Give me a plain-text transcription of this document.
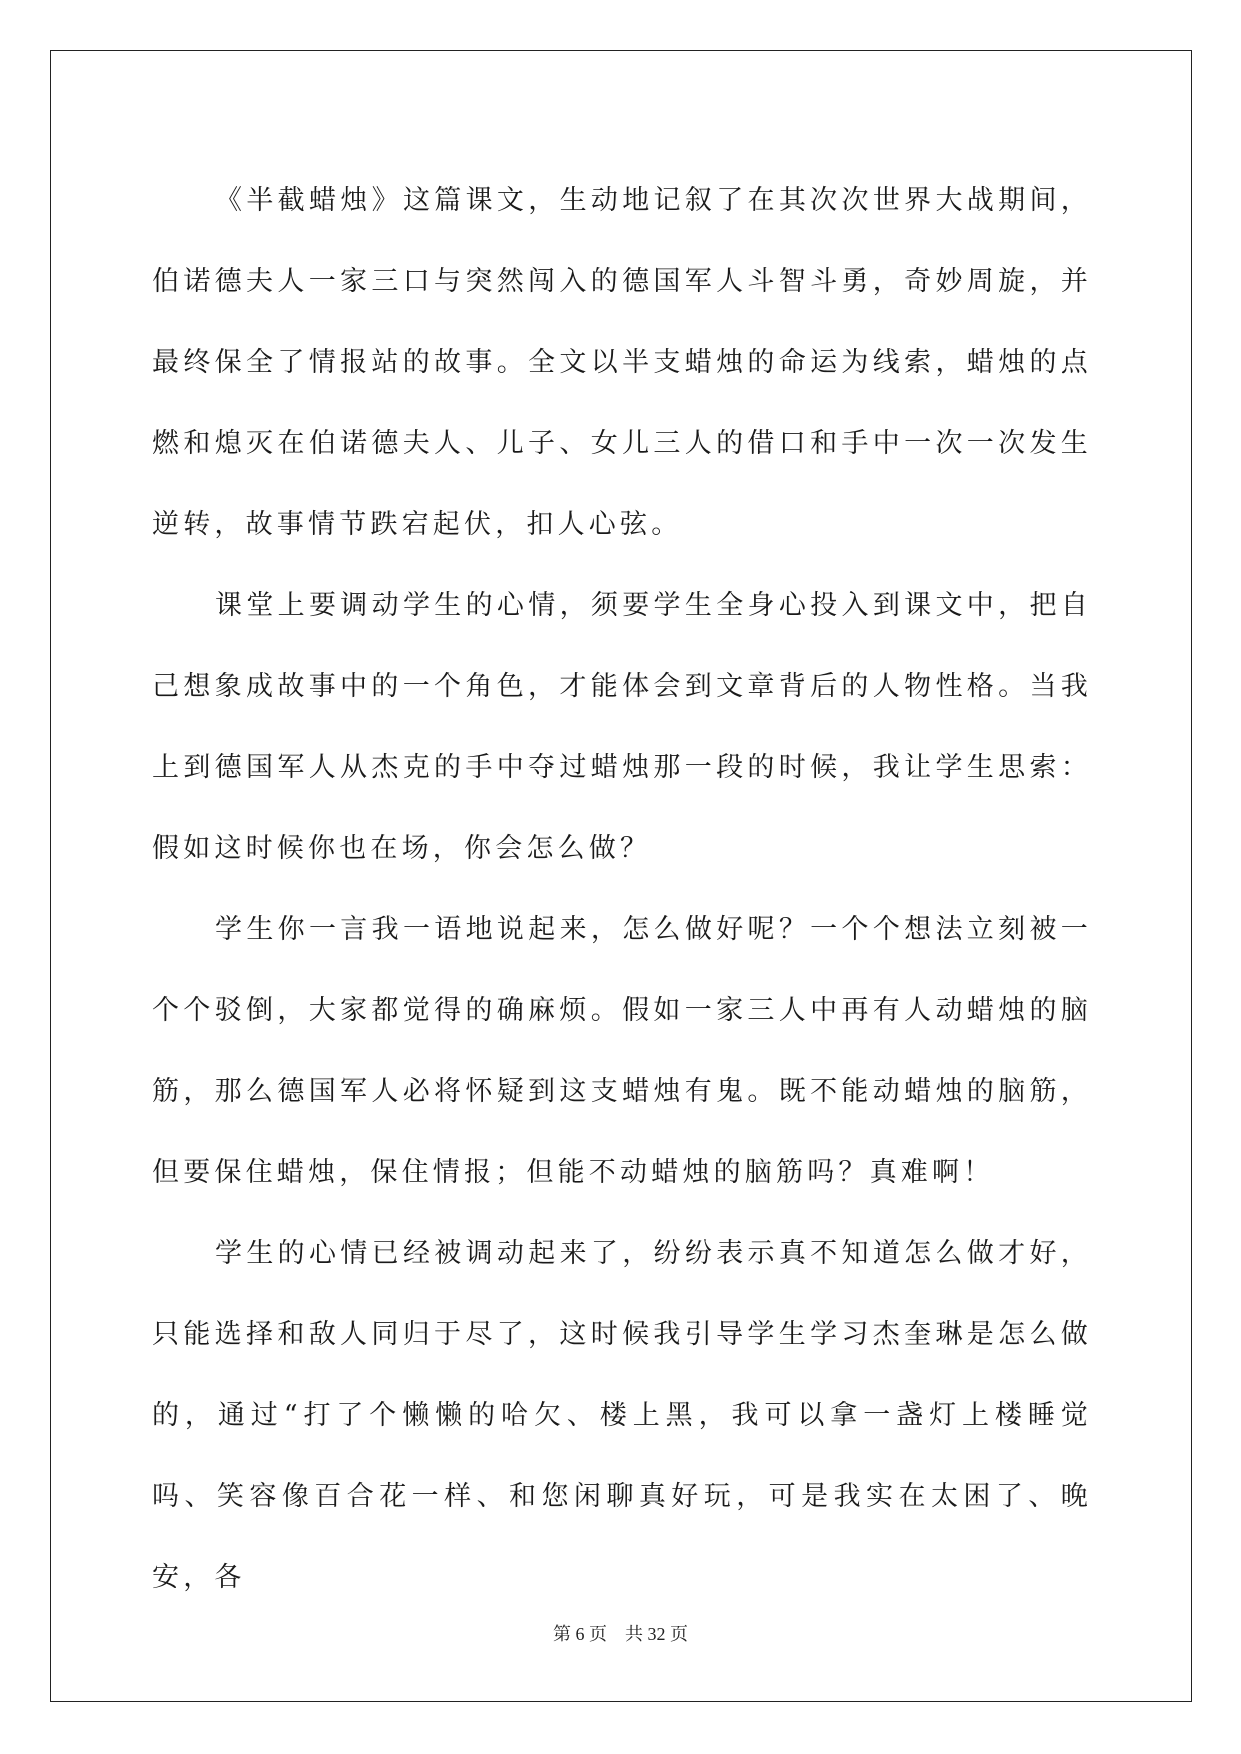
《半截蜡烛》这篇课文，生动地记叙了在其次次世界大战期间，伯诺德夫人一家三口与突然闯入的德国军人斗智斗勇，奇妙周旋，并最终保全了情报站的故事。全文以半支蜡烛的命运为线索，蜡烛的点燃和熄灭在伯诺德夫人、儿子、女儿三人的借口和手中一次一次发生逆转，故事情节跌宕起伏，扣人心弦。

课堂上要调动学生的心情，须要学生全身心投入到课文中，把自己想象成故事中的一个角色，才能体会到文章背后的人物性格。当我上到德国军人从杰克的手中夺过蜡烛那一段的时候，我让学生思索：假如这时候你也在场，你会怎么做？

学生你一言我一语地说起来，怎么做好呢？一个个想法立刻被一个个驳倒，大家都觉得的确麻烦。假如一家三人中再有人动蜡烛的脑筋，那么德国军人必将怀疑到这支蜡烛有鬼。既不能动蜡烛的脑筋，但要保住蜡烛，保住情报；但能不动蜡烛的脑筋吗？真难啊！

学生的心情已经被调动起来了，纷纷表示真不知道怎么做才好，只能选择和敌人同归于尽了，这时候我引导学生学习杰奎琳是怎么做的，通过“打了个懒懒的哈欠、楼上黑，我可以拿一盏灯上楼睡觉吗、笑容像百合花一样、和您闲聊真好玩，可是我实在太困了、晚安，各

第 6 页    共 32 页
